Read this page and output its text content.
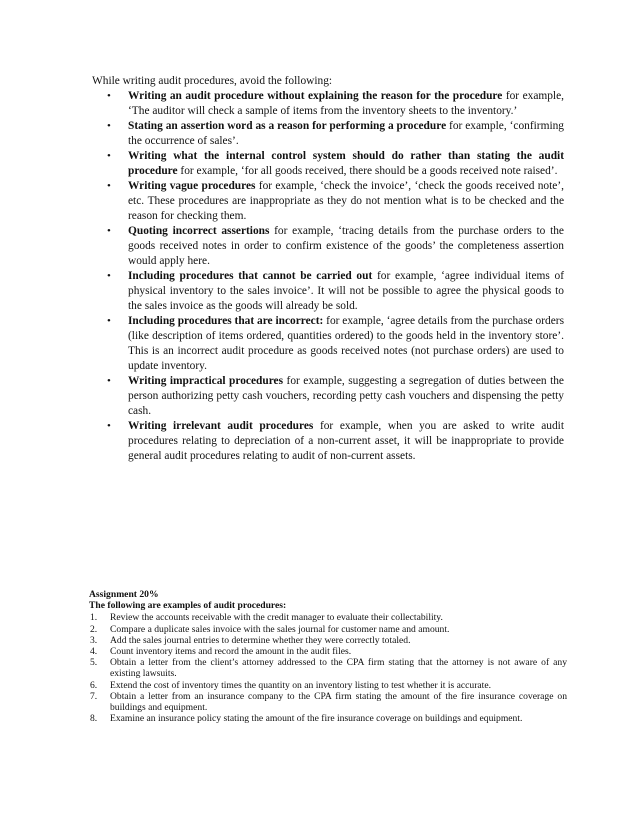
While writing audit procedures, avoid the following:
• Writing an audit procedure without explaining the reason for the procedure for example, ‘The auditor will check a sample of items from the inventory sheets to the inventory.’
• Stating an assertion word as a reason for performing a procedure for example, ‘confirming the occurrence of sales’.
• Writing what the internal control system should do rather than stating the audit procedure for example, ‘for all goods received, there should be a goods received note raised’.
• Writing vague procedures for example, ‘check the invoice’, ‘check the goods received note’, etc. These procedures are inappropriate as they do not mention what is to be checked and the reason for checking them.
• Quoting incorrect assertions for example, ‘tracing details from the purchase orders to the goods received notes in order to confirm existence of the goods’ the completeness assertion would apply here.
• Including procedures that cannot be carried out for example, ‘agree individual items of physical inventory to the sales invoice’. It will not be possible to agree the physical goods to the sales invoice as the goods will already be sold.
• Including procedures that are incorrect: for example, ‘agree details from the purchase orders (like description of items ordered, quantities ordered) to the goods held in the inventory store’. This is an incorrect audit procedure as goods received notes (not purchase orders) are used to update inventory.
• Writing impractical procedures for example, suggesting a segregation of duties between the person authorizing petty cash vouchers, recording petty cash vouchers and dispensing the petty cash.
• Writing irrelevant audit procedures for example, when you are asked to write audit procedures relating to depreciation of a non-current asset, it will be inappropriate to provide general audit procedures relating to audit of non-current assets.
Assignment 20%
The following are examples of audit procedures:
1. Review the accounts receivable with the credit manager to evaluate their collectability.
2. Compare a duplicate sales invoice with the sales journal for customer name and amount.
3. Add the sales journal entries to determine whether they were correctly totaled.
4. Count inventory items and record the amount in the audit files.
5. Obtain a letter from the client’s attorney addressed to the CPA firm stating that the attorney is not aware of any existing lawsuits.
6. Extend the cost of inventory times the quantity on an inventory listing to test whether it is accurate.
7. Obtain a letter from an insurance company to the CPA firm stating the amount of the fire insurance coverage on buildings and equipment.
8. Examine an insurance policy stating the amount of the fire insurance coverage on buildings and equipment.
